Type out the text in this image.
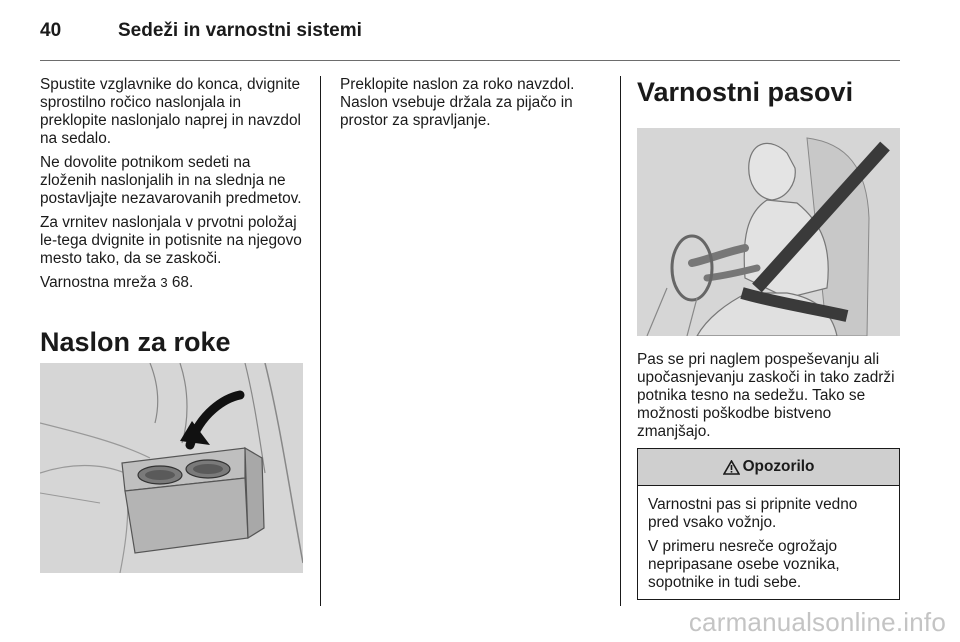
40	Sedeži in varnostni sistemi

Spustite vzglavnike do konca, dvignite sprostilno ročico naslonjala in preklopite naslonjalo naprej in navzdol na sedalo.

Ne dovolite potnikom sedeti na zloženih naslonjalih in na slednja ne postavljajte nezavarovanih predmetov.

Za vrnitev naslonjala v prvotni položaj le-tega dvignite in potisnite na njegovo mesto tako, da se zaskoči.

Varnostna mreža 3 68.

Naslon za roke

Preklopite naslon za roko navzdol. Naslon vsebuje držala za pijačo in prostor za spravljanje.

Varnostni pasovi

Pas se pri naglem pospeševanju ali upočasnjevanju zaskoči in tako zadrži potnika tesno na sedežu. Tako se možnosti poškodbe bistveno zmanjšajo.

Opozorilo

Varnostni pas si pripnite vedno pred vsako vožnjo.

V primeru nesreče ogrožajo nepripasane osebe voznika, sopotnike in tudi sebe.

carmanualsonline.info
